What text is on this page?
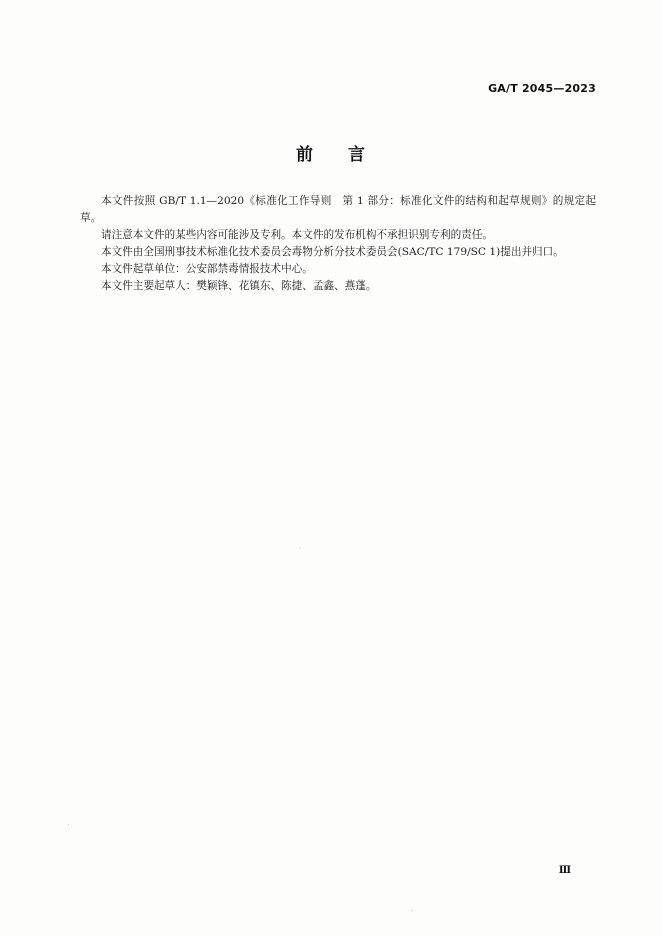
GA/T 2045—2023
前 言

本文件按照 GB/T 1.1—2020《标准化工作导则　第 1 部分：标准化文件的结构和起草规则》的规定起草。

请注意本文件的某些内容可能涉及专利。本文件的发布机构不承担识别专利的责任。

本文件由全国刑事技术标准化技术委员会毒物分析分技术委员会(SAC/TC 179/SC 1)提出并归口。

本文件起草单位：公安部禁毒情报技术中心。

本文件主要起草人：樊颖锋、花镇东、陈捷、孟鑫、燕蓬。

Ⅲ
